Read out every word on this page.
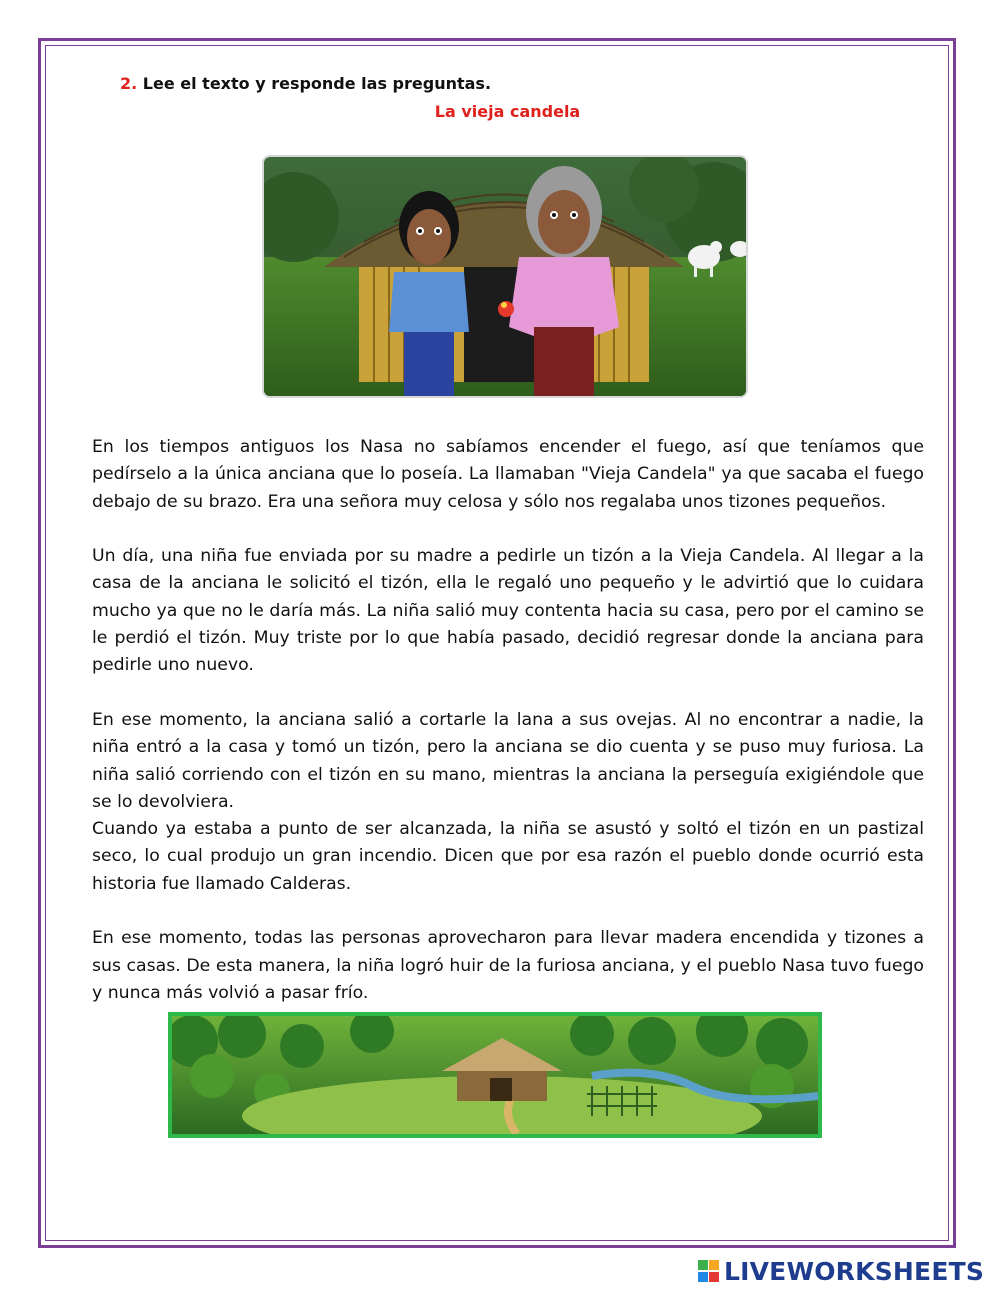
2. Lee el texto y responde las preguntas.
La vieja candela

En los tiempos antiguos los Nasa no sabíamos encender el fuego, así que teníamos que pedírselo a la única anciana que lo poseía. La llamaban "Vieja Candela" ya que sacaba el fuego debajo de su brazo. Era una señora muy celosa y sólo nos regalaba unos tizones pequeños.

Un día, una niña fue enviada por su madre a pedirle un tizón a la Vieja Candela. Al llegar a la casa de la anciana le solicitó el tizón, ella le regaló uno pequeño y le advirtió que lo cuidara mucho ya que no le daría más. La niña salió muy contenta hacia su casa, pero por el camino se le perdió el tizón. Muy triste por lo que había pasado, decidió regresar donde la anciana para pedirle uno nuevo.

En ese momento, la anciana salió a cortarle la lana a sus ovejas. Al no encontrar a nadie, la niña entró a la casa y tomó un tizón, pero la anciana se dio cuenta y se puso muy furiosa. La niña salió corriendo con el tizón en su mano, mientras la anciana la perseguía exigiéndole que se lo devolviera.

Cuando ya estaba a punto de ser alcanzada, la niña se asustó y soltó el tizón en un pastizal seco, lo cual produjo un gran incendio. Dicen que por esa razón el pueblo donde ocurrió esta historia fue llamado Calderas.

En ese momento, todas las personas aprovecharon para llevar madera encendida y tizones a sus casas. De esta manera, la niña logró huir de la furiosa anciana, y el pueblo Nasa tuvo fuego y nunca más volvió a pasar frío.

LIVEWORKSHEETS
